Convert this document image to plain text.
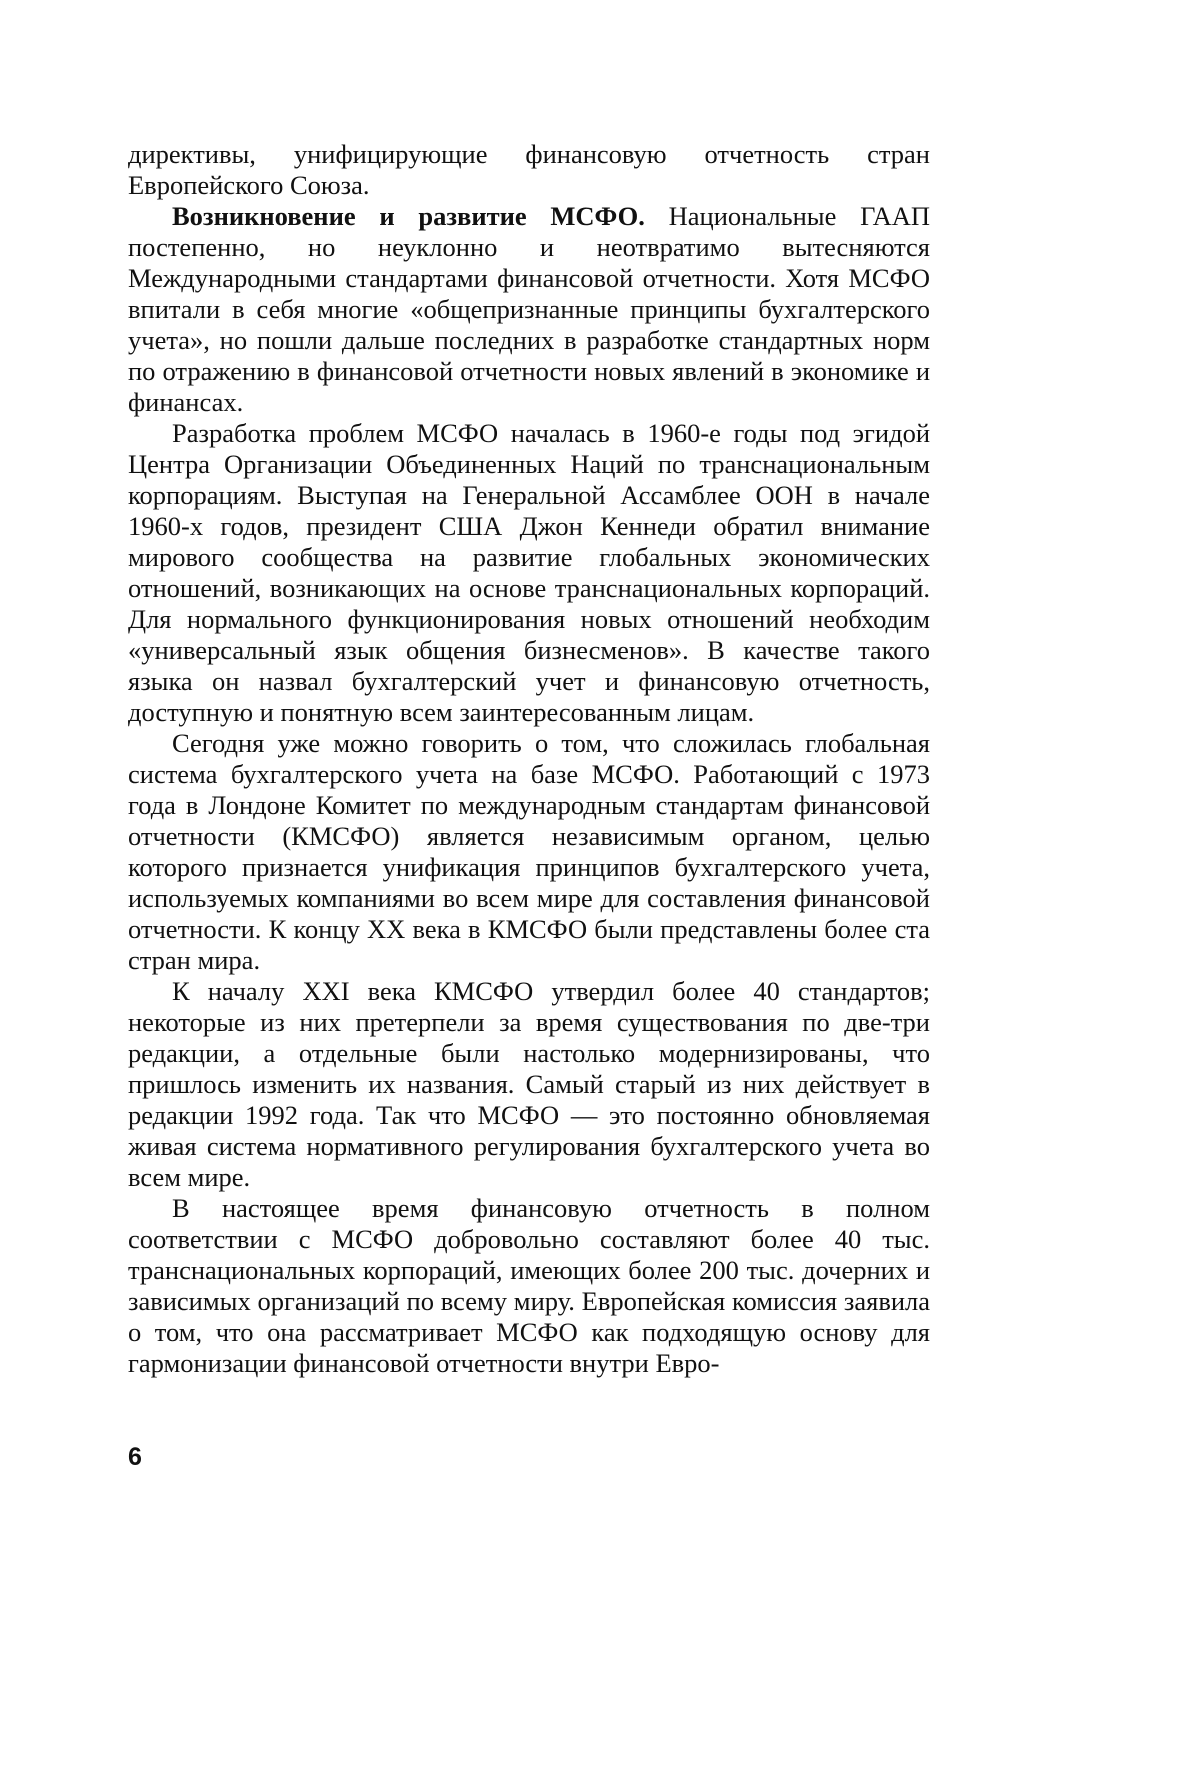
директивы, унифицирующие финансовую отчетность стран Европейского Союза.

Возникновение и развитие МСФО. Национальные ГААП постепенно, но неуклонно и неотвратимо вытесняются Международными стандартами финансовой отчетности. Хотя МСФО впитали в себя многие «общепризнанные принципы бухгалтерского учета», но пошли дальше последних в разработке стандартных норм по отражению в финансовой отчетности новых явлений в экономике и финансах.

Разработка проблем МСФО началась в 1960-е годы под эгидой Центра Организации Объединенных Наций по транснациональным корпорациям. Выступая на Генеральной Ассамблее ООН в начале 1960-х годов, президент США Джон Кеннеди обратил внимание мирового сообщества на развитие глобальных экономических отношений, возникающих на основе транснациональных корпораций. Для нормального функционирования новых отношений необходим «универсальный язык общения бизнесменов». В качестве такого языка он назвал бухгалтерский учет и финансовую отчетность, доступную и понятную всем заинтересованным лицам.

Сегодня уже можно говорить о том, что сложилась глобальная система бухгалтерского учета на базе МСФО. Работающий с 1973 года в Лондоне Комитет по международным стандартам финансовой отчетности (КМСФО) является независимым органом, целью которого признается унификация принципов бухгалтерского учета, используемых компаниями во всем мире для составления финансовой отчетности. К концу XX века в КМСФО были представлены более ста стран мира.

К началу XXI века КМСФО утвердил более 40 стандартов; некоторые из них претерпели за время существования по две-три редакции, а отдельные были настолько модернизированы, что пришлось изменить их названия. Самый старый из них действует в редакции 1992 года. Так что МСФО — это постоянно обновляемая живая система нормативного регулирования бухгалтерского учета во всем мире.

В настоящее время финансовую отчетность в полном соответствии с МСФО добровольно составляют более 40 тыс. транснациональных корпораций, имеющих более 200 тыс. дочерних и зависимых организаций по всему миру. Европейская комиссия заявила о том, что она рассматривает МСФО как подходящую основу для гармонизации финансовой отчетности внутри Евро-

6
